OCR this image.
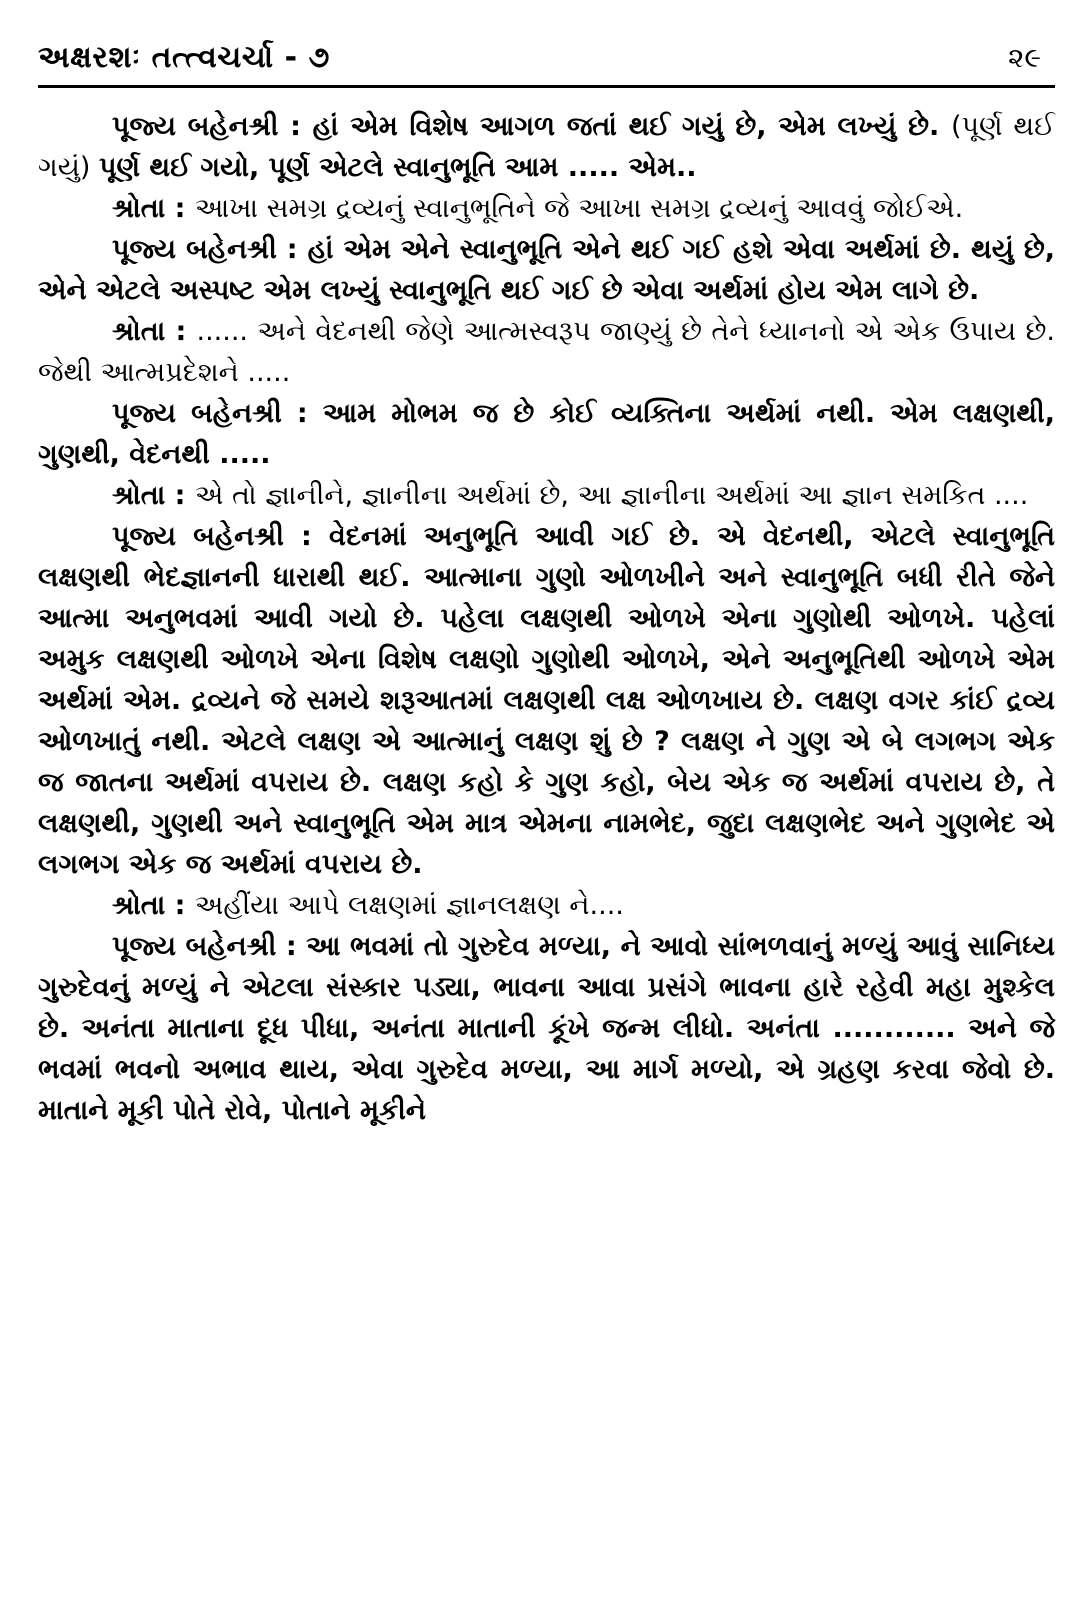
અક્ષરશઃ તત્ત્વચર્ચા - ૭	૨૯

પૂજ્ય બહેનશ્રી : હાં એમ વિશેષ આગળ જતાં થઈ ગયું છે, એમ લખ્યું છે. (પૂર્ણ થઈ ગયું) પૂર્ણ થઈ ગયો, પૂર્ણ એટલે સ્વાનુભૂતિ આમ ..... એમ..

શ્રોતા : આખા સમગ્ર દ્રવ્યનું સ્વાનુભૂતિને જે આખા સમગ્ર દ્રવ્યનું આવવું જોઈએ.

પૂજ્ય બહેનશ્રી : હાં એમ એને સ્વાનુભૂતિ એને થઈ ગઈ હશે એવા અર્થમાં છે. થયું છે, એને એટલે અસ્પષ્ટ એમ લખ્યું સ્વાનુભૂતિ થઈ ગઈ છે એવા અર્થમાં હોય એમ લાગે છે.

શ્રોતા : ...... અને વેદનથી જેણે આત્મસ્વરૂપ જાણ્યું છે તેને ધ્યાનનો એ એક ઉપાય છે. જેથી આત્મપ્રદેશને .....

પૂજ્ય બહેનશ્રી : આમ મોભમ જ છે કોઈ વ્યક્તિના અર્થમાં નથી. એમ લક્ષણથી, ગુણથી, વેદનથી .....

શ્રોતા : એ તો જ્ઞાનીને, જ્ઞાનીના અર્થમાં છે, આ જ્ઞાનીના અર્થમાં આ જ્ઞાન સમકિત ....

પૂજ્ય બહેનશ્રી : વેદનમાં અનુભૂતિ આવી ગઈ છે. એ વેદનથી, એટલે સ્વાનુભૂતિ લક્ષણથી ભેદજ્ઞાનની ધારાથી થઈ. આત્માના ગુણો ઓળખીને અને સ્વાનુભૂતિ બધી રીતે જેને આત્મા અનુભવમાં આવી ગયો છે. પહેલા લક્ષણથી ઓળખે એના ગુણોથી ઓળખે. પહેલાં અમુક લક્ષણથી ઓળખે એના વિશેષ લક્ષણો ગુણોથી ઓળખે, એને અનુભૂતિથી ઓળખે એમ અર્થમાં એમ. દ્રવ્યને જે સમયે શરૂઆતમાં લક્ષણથી લક્ષ ઓળખાય છે. લક્ષણ વગર કાંઈ દ્રવ્ય ઓળખાતું નથી. એટલે લક્ષણ એ આત્માનું લક્ષણ શું છે ? લક્ષણ ને ગુણ એ બે લગભગ એક જ જાતના અર્થમાં વપરાય છે. લક્ષણ કહો કે ગુણ કહો, બેય એક જ અર્થમાં વપરાય છે, તે લક્ષણથી, ગુણથી અને સ્વાનુભૂતિ એમ માત્ર એમના નામભેદ, જુદા લક્ષણભેદ અને ગુણભેદ એ લગભગ એક જ અર્થમાં વપરાય છે.

શ્રોતા : અહીંયા આપે લક્ષણમાં જ્ઞાનલક્ષણ ને....

પૂજ્ય બહેનશ્રી : આ ભવમાં તો ગુરુદેવ મળ્યા, ને આવો સાંભળવાનું મળ્યું આવું સાનિધ્ય ગુરુદેવનું મળ્યું ને એટલા સંસ્કાર પડ્યા, ભાવના આવા પ્રસંગે ભાવના હારે રહેવી મહા મુશ્કેલ છે. અનંતા માતાના દૂધ પીધા, અનંતા માતાની કૂંખે જન્મ લીધો. અનંતા ............ અને જે ભવમાં ભવનો અભાવ થાય, એવા ગુરુદેવ મળ્યા, આ માર્ગ મળ્યો, એ ગ્રહણ કરવા જેવો છે. માતાને મૂકી પોતે રોવે, પોતાને મૂકીને
